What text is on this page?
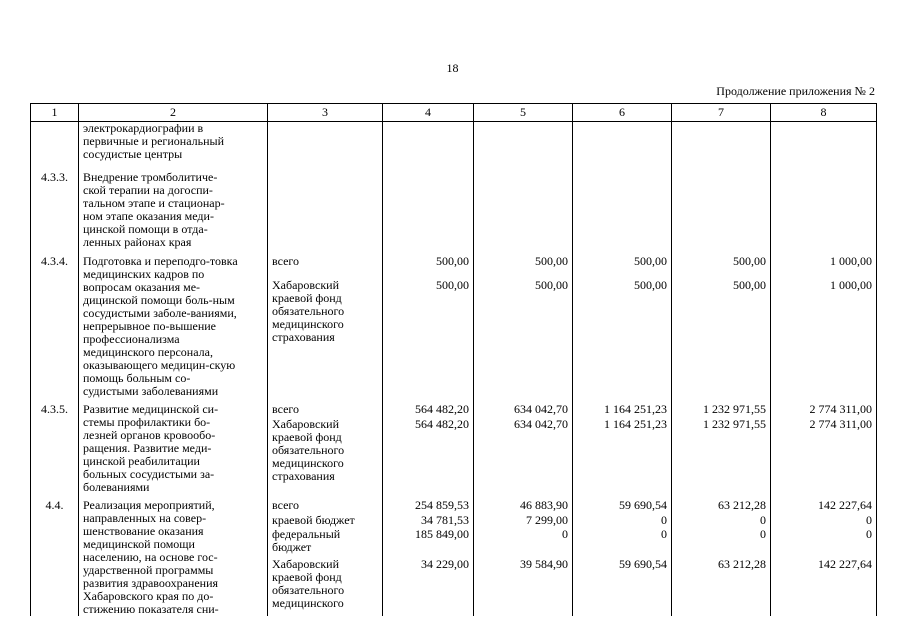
18
Продолжение приложения № 2
1	2	3	4	5	6	7	8

	электрокардиографии в первичные и региональный сосудистые центры						

4.3.3.	Внедрение тромболитиче-ской терапии на догоспи-тальном этапе и стационар-ном этапе оказания меди-цинской помощи в отда-ленных районах края						

4.3.4.	Подготовка и переподго-товка медицинских кадров по вопросам оказания ме-дицинской помощи боль-ным сосудистыми заболе-ваниями, непрерывное по-вышение профессионализма медицинского персонала, оказывающего медицин-скую помощь больным со-судистыми заболеваниями	всего	500,00	500,00	500,00	500,00	1 000,00

		Хабаровский краевой фонд обязательного медицинского страхования	500,00	500,00	500,00	500,00	1 000,00

4.3.5.	Развитие медицинской си-стемы профилактики бо-лезней органов кровообо-ращения. Развитие меди-цинской реабилитации больных сосудистыми за-болеваниями	всего	564 482,20	634 042,70	1 164 251,23	1 232 971,55	2 774 311,00

		Хабаровский краевой фонд обязательного медицинского страхования	564 482,20	634 042,70	1 164 251,23	1 232 971,55	2 774 311,00

4.4.	Реализация мероприятий, направленных на совер-шенствование оказания медицинской помощи населению, на основе гос-ударственной программы развития здравоохранения Хабаровского края по до-стижению показателя сни-	всего	254 859,53	46 883,90	59 690,54	63 212,28	142 227,64
		краевой бюджет	34 781,53	7 299,00	0	0	0

		федеральный бюджет	185 849,00	0	0	0	0

		Хабаровский краевой фонд обязательного медицинского	34 229,00	39 584,90	59 690,54	63 212,28	142 227,64
